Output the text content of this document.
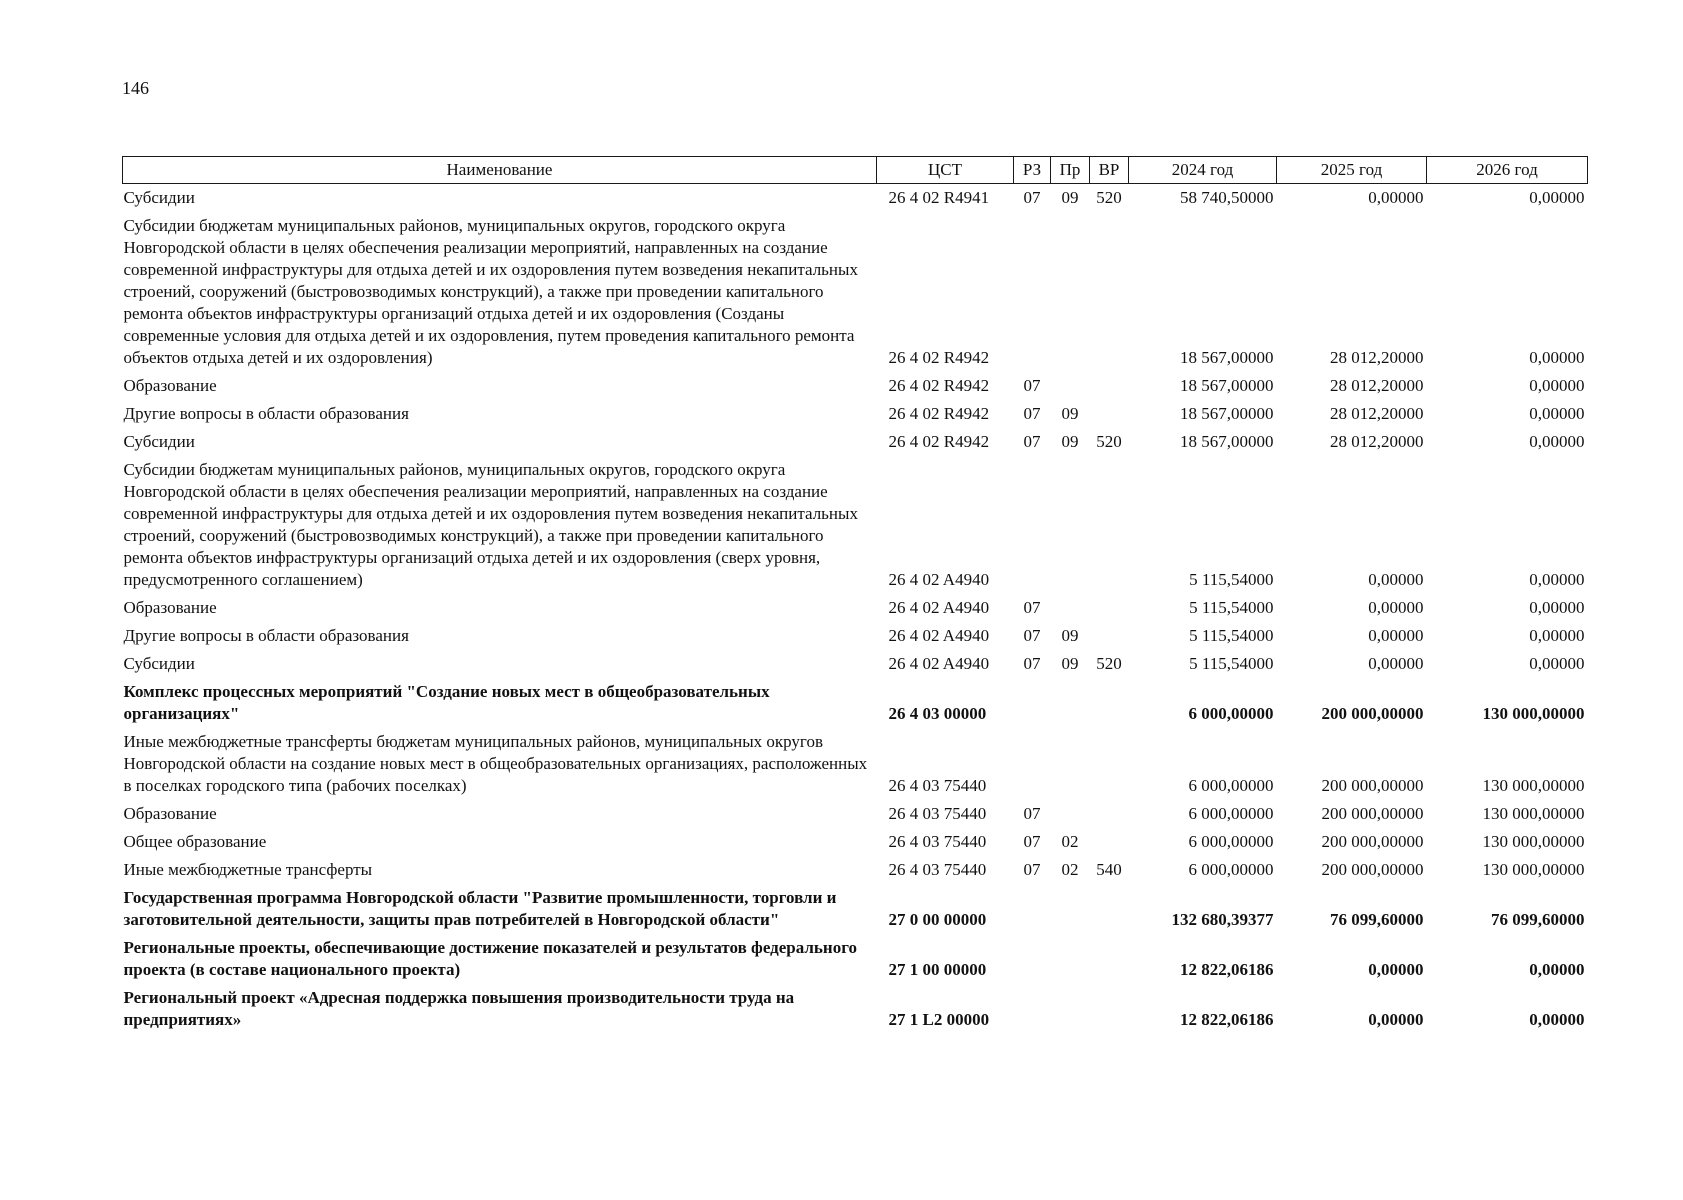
146
Наименование	ЦСТ	РЗ	Пр	ВР	2024 год	2025 год	2026 год
Субсидии	26 4 02 R4941	07	09	520	58 740,50000	0,00000	0,00000
Субсидии бюджетам муниципальных районов, муниципальных округов, городского округа Новгородской области в целях обеспечения реализации мероприятий, направленных на создание современной инфраструктуры для отдыха детей и их оздоровления путем возведения некапитальных строений, сооружений (быстровозводимых конструкций), а также при проведении капитального ремонта объектов инфраструктуры организаций отдыха детей и их оздоровления (Созданы современные условия для отдыха детей и их оздоровления, путем проведения капитального ремонта объектов отдыха детей и их оздоровления)	26 4 02 R4942				18 567,00000	28 012,20000	0,00000
Образование	26 4 02 R4942	07			18 567,00000	28 012,20000	0,00000
Другие вопросы в области образования	26 4 02 R4942	07	09		18 567,00000	28 012,20000	0,00000
Субсидии	26 4 02 R4942	07	09	520	18 567,00000	28 012,20000	0,00000
Субсидии бюджетам муниципальных районов, муниципальных округов, городского округа Новгородской области в целях обеспечения реализации мероприятий, направленных на создание современной инфраструктуры для отдыха детей и их оздоровления путем возведения некапитальных строений, сооружений (быстровозводимых конструкций), а также при проведении капитального ремонта объектов инфраструктуры организаций отдыха детей и их оздоровления (сверх уровня, предусмотренного соглашением)	26 4 02 A4940				5 115,54000	0,00000	0,00000
Образование	26 4 02 A4940	07			5 115,54000	0,00000	0,00000
Другие вопросы в области образования	26 4 02 A4940	07	09		5 115,54000	0,00000	0,00000
Субсидии	26 4 02 A4940	07	09	520	5 115,54000	0,00000	0,00000
Комплекс процессных мероприятий "Создание новых мест в общеобразовательных организациях"	26 4 03 00000				6 000,00000	200 000,00000	130 000,00000
Иные межбюджетные трансферты бюджетам муниципальных районов, муниципальных округов Новгородской области на создание новых мест в общеобразовательных организациях, расположенных в поселках городского типа (рабочих поселках)	26 4 03 75440				6 000,00000	200 000,00000	130 000,00000
Образование	26 4 03 75440	07			6 000,00000	200 000,00000	130 000,00000
Общее образование	26 4 03 75440	07	02		6 000,00000	200 000,00000	130 000,00000
Иные межбюджетные трансферты	26 4 03 75440	07	02	540	6 000,00000	200 000,00000	130 000,00000
Государственная программа Новгородской области "Развитие промышленности, торговли и заготовительной деятельности, защиты прав потребителей в Новгородской области"	27 0 00 00000				132 680,39377	76 099,60000	76 099,60000
Региональные проекты, обеспечивающие достижение показателей и результатов федерального проекта (в составе национального проекта)	27 1 00 00000				12 822,06186	0,00000	0,00000
Региональный проект «Адресная поддержка повышения производительности труда на предприятиях»	27 1 L2 00000				12 822,06186	0,00000	0,00000
